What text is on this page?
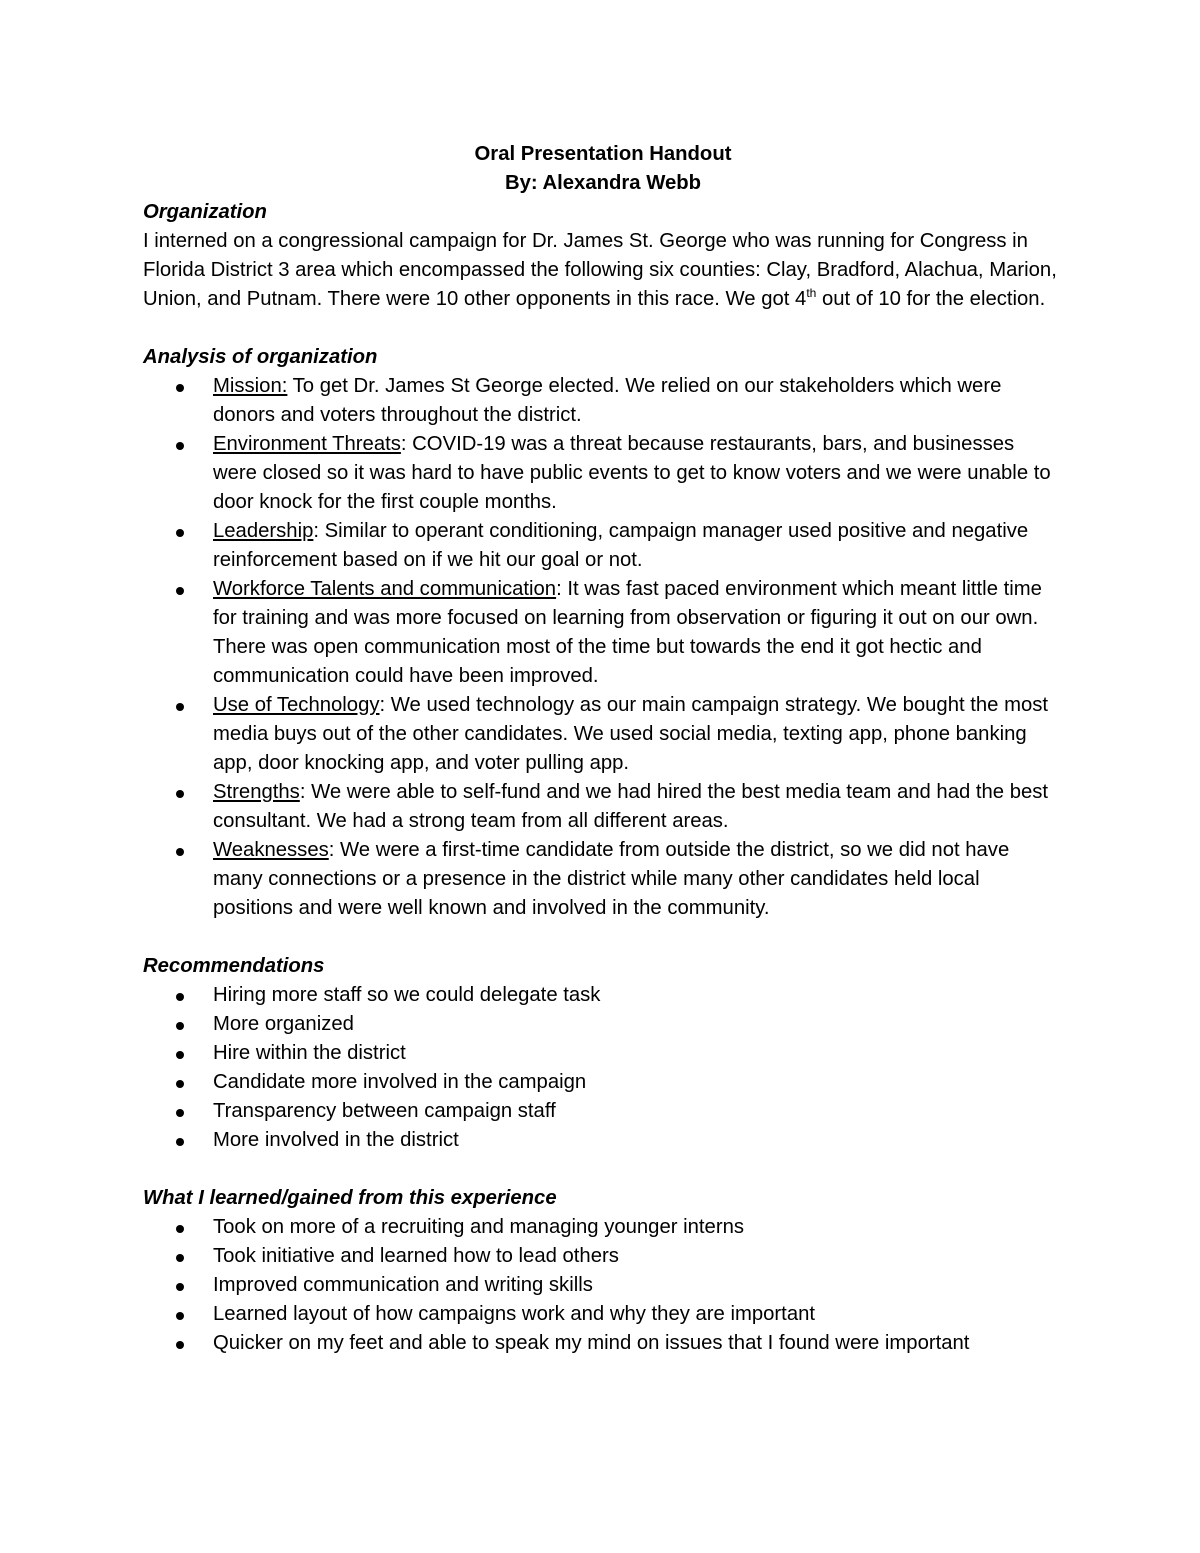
Oral Presentation Handout

By: Alexandra Webb

Organization

I interned on a congressional campaign for Dr. James St. George who was running for Congress in Florida District 3 area which encompassed the following six counties: Clay, Bradford, Alachua, Marion, Union, and Putnam. There were 10 other opponents in this race. We got 4th out of 10 for the election.

Analysis of organization

Mission: To get Dr. James St George elected. We relied on our stakeholders which were donors and voters throughout the district.
Environment Threats: COVID-19 was a threat because restaurants, bars, and businesses were closed so it was hard to have public events to get to know voters and we were unable to door knock for the first couple months.
Leadership: Similar to operant conditioning, campaign manager used positive and negative reinforcement based on if we hit our goal or not.
Workforce Talents and communication: It was fast paced environment which meant little time for training and was more focused on learning from observation or figuring it out on our own. There was open communication most of the time but towards the end it got hectic and communication could have been improved.
Use of Technology: We used technology as our main campaign strategy. We bought the most media buys out of the other candidates. We used social media, texting app, phone banking app, door knocking app, and voter pulling app.
Strengths: We were able to self-fund and we had hired the best media team and had the best consultant. We had a strong team from all different areas.
Weaknesses: We were a first-time candidate from outside the district, so we did not have many connections or a presence in the district while many other candidates held local positions and were well known and involved in the community.

Recommendations

Hiring more staff so we could delegate task
More organized
Hire within the district
Candidate more involved in the campaign
Transparency between campaign staff
More involved in the district

What I learned/gained from this experience

Took on more of a recruiting and managing younger interns
Took initiative and learned how to lead others
Improved communication and writing skills
Learned layout of how campaigns work and why they are important
Quicker on my feet and able to speak my mind on issues that I found were important
